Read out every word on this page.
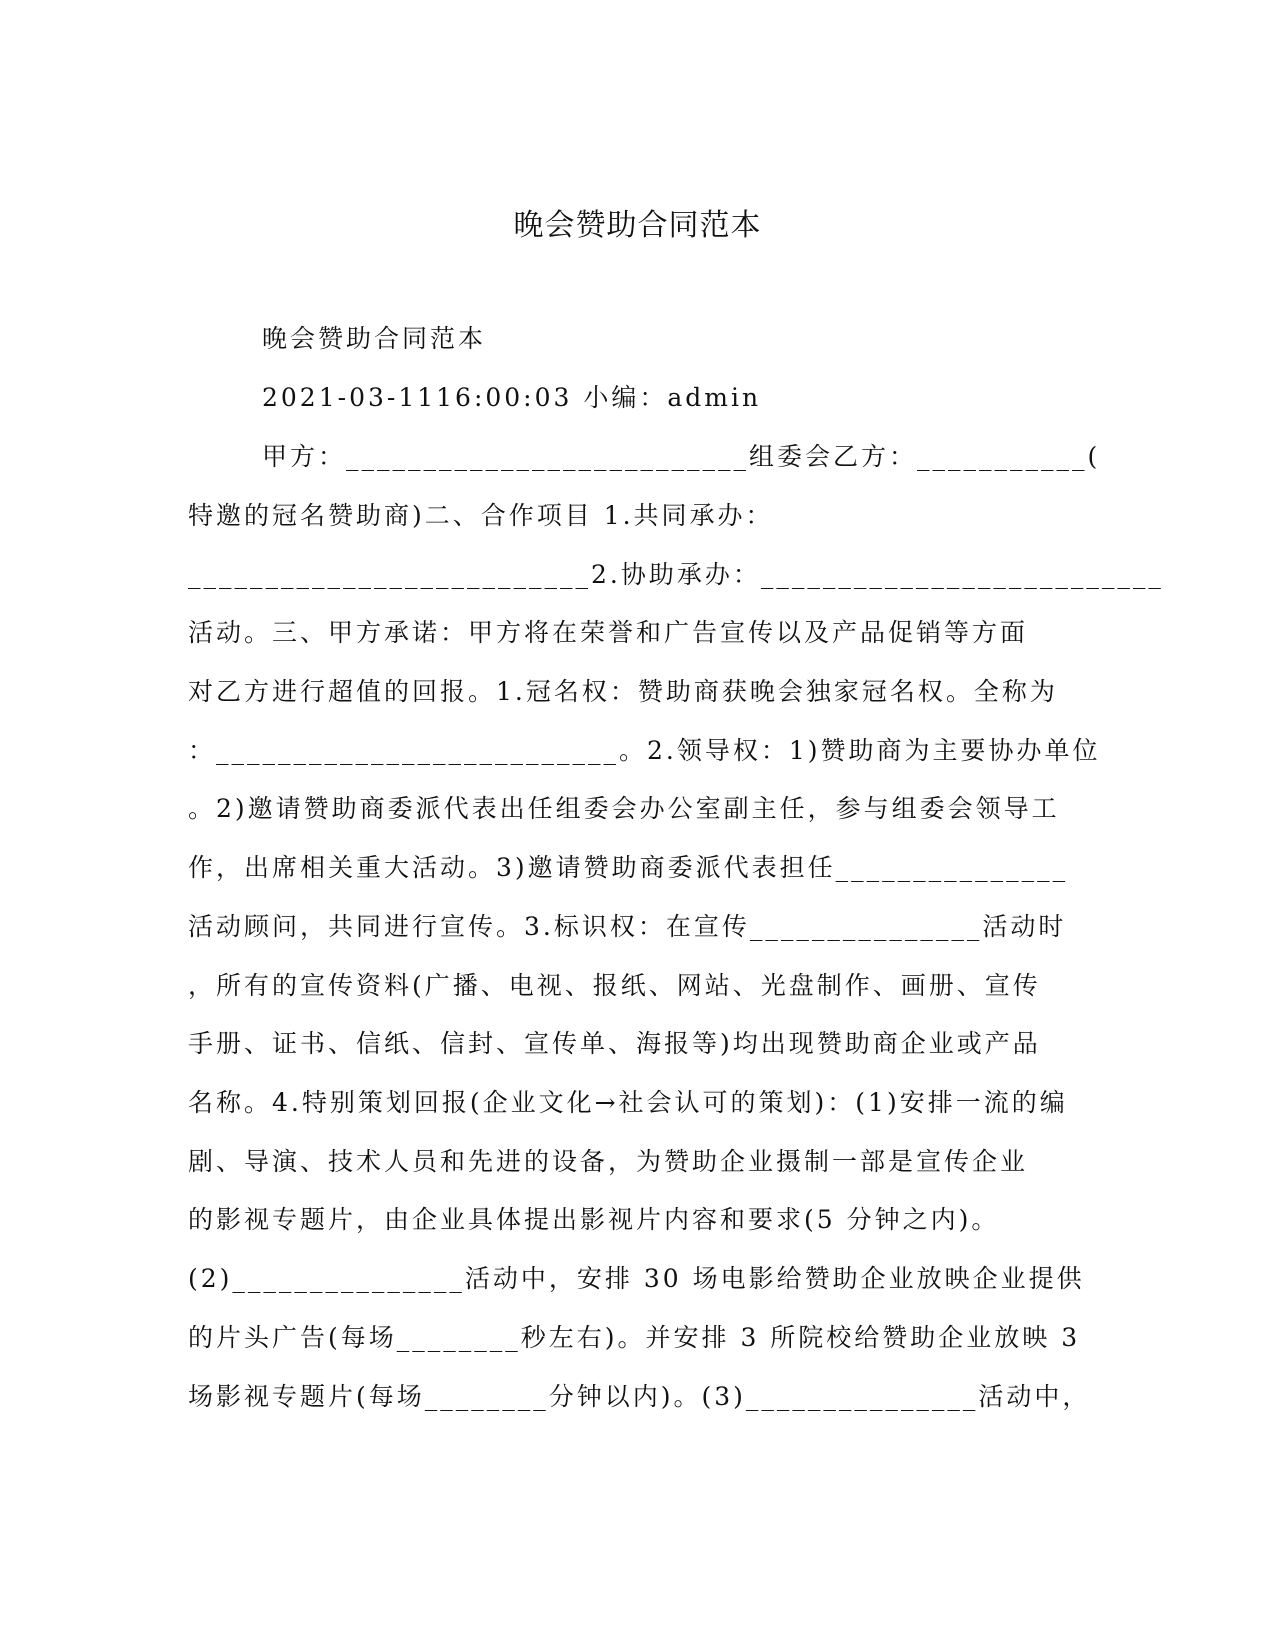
晚会赞助合同范本
晚会赞助合同范本
2021-03-1116:00:03 小编：admin
甲方：__________________________组委会乙方：___________(
特邀的冠名赞助商)二、合作项目 1.共同承办：
__________________________2.协助承办：__________________________
活动。三、甲方承诺：甲方将在荣誉和广告宣传以及产品促销等方面
对乙方进行超值的回报。1.冠名权：赞助商获晚会独家冠名权。全称为
：__________________________。2.领导权：1)赞助商为主要协办单位
。2)邀请赞助商委派代表出任组委会办公室副主任，参与组委会领导工
作，出席相关重大活动。3)邀请赞助商委派代表担任_______________
活动顾问，共同进行宣传。3.标识权：在宣传_______________活动时
，所有的宣传资料(广播、电视、报纸、网站、光盘制作、画册、宣传
手册、证书、信纸、信封、宣传单、海报等)均出现赞助商企业或产品
名称。4.特别策划回报(企业文化→社会认可的策划)：(1)安排一流的编
剧、导演、技术人员和先进的设备，为赞助企业摄制一部是宣传企业
的影视专题片，由企业具体提出影视片内容和要求(5 分钟之内)。
(2)_______________活动中，安排 30 场电影给赞助企业放映企业提供
的片头广告(每场________秒左右)。并安排 3 所院校给赞助企业放映 3
场影视专题片(每场________分钟以内)。(3)_______________活动中，
